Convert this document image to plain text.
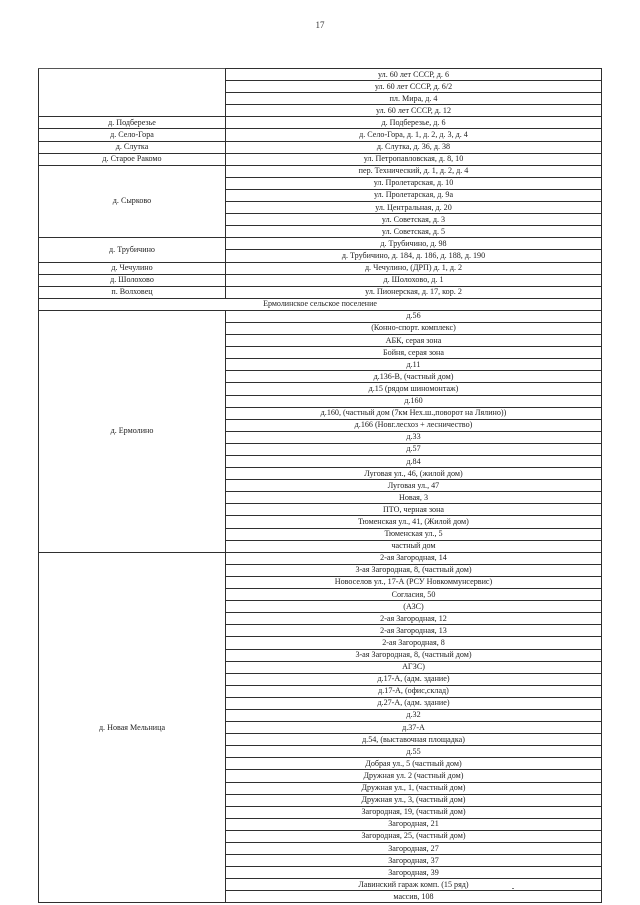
17
	ул. 60 лет СССР, д. 6
	ул. 60 лет СССР, д. 6/2
	пл. Мира, д. 4
	ул. 60 лет СССР, д. 12
д. Подберезье	д. Подберезье, д. 6
д. Село-Гора	д. Село-Гора, д. 1, д. 2, д. 3, д. 4
д. Слутка	д. Слутка, д. 36, д. 38
д. Старое Ракомо	ул. Петропавловская, д. 8, 10
д. Сырково	пер. Технический, д. 1, д. 2, д. 4
	ул. Пролетарская, д. 10
	ул. Пролетарская, д. 9а
	ул. Центральная, д. 20
	ул. Советская, д. 3
	ул. Советская, д. 5
д. Трубичино	д. Трубичино, д. 98
	д. Трубичино, д. 184, д. 186, д. 188, д. 190
д. Чечулино	д. Чечулино, (ДРП) д. 1, д. 2
д. Шолохово	д. Шолохово, д. 1
п. Волховец	ул. Пионерская, д. 17, кор. 2
Ермолинское сельское поселение	
д. Ермолино	д.56
	(Конно-спорт. комплекс)
	АБК, серая зона
	Бойня, серая зона
	д.11
	д.136-В, (частный дом)
	д.15 (рядом шиномонтаж)
	д.160
	д.160, (частный дом (7км Нех.ш.,поворот на Лялино))
	д.166 (Новг.лесхоз + лесничество)
	д.33
	д.57
	д.84
	Луговая ул., 46, (жилой дом)
	Луговая ул., 47
	Новая, 3
	ПТО, черная зона
	Тюменская ул., 41, (Жилой дом)
	Тюменская ул., 5
	частный дом
д. Новая Мельница	2-ая Загородная, 14
	3-ая Загородная, 8, (частный дом)
	Новоселов ул., 17-А (РСУ Новкоммунсервис)
	Согласия, 50
	(АЗС)
	2-ая Загородная, 12
	2-ая Загородная, 13
	2-ая Загородная, 8
	3-ая Загородная, 8, (частный дом)
	АГЗС)
	д.17-А, (адм. здание)
	д.17-А, (офис,склад)
	д.27-А, (адм. здание)
	д.32
	д.37-А
	д.54, (выставочная площадка)
	д.55
	Добрая ул., 5 (частный дом)
	Дружная ул. 2 (частный дом)
	Дружная ул., 1, (частный дом)
	Дружная ул., 3, (частный дом)
	Загородная, 19, (частный дом)
	Загородная, 21
	Загородная, 25, (частный дом)
	Загородная, 27
	Загородная, 37
	Загородная, 39
	Лавинский гараж комп. (15 ряд)
	массив, 108
